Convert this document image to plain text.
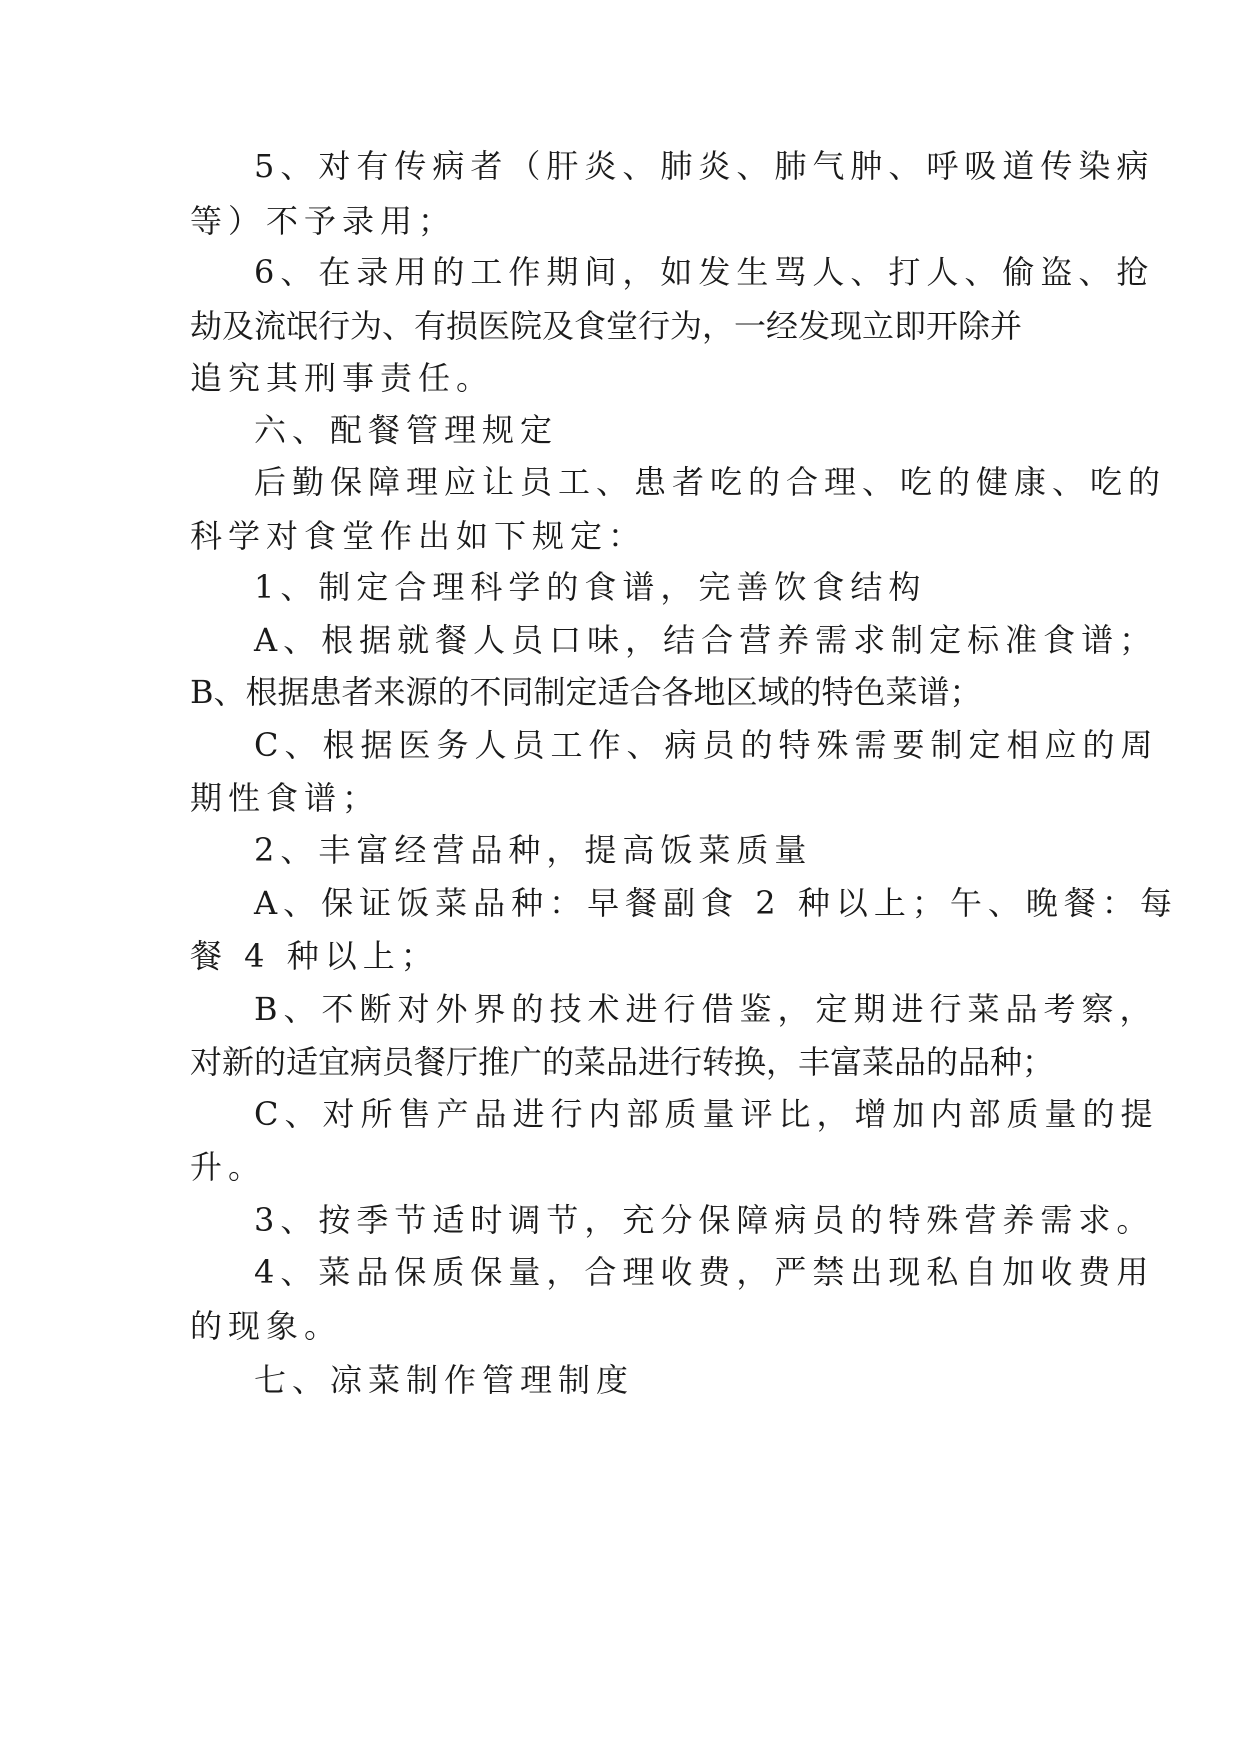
5、对有传病者（肝炎、肺炎、肺气肿、呼吸道传染病
等）不予录用；
6、在录用的工作期间，如发生骂人、打人、偷盗、抢
劫及流氓行为、有损医院及食堂行为，一经发现立即开除并
追究其刑事责任。
六、配餐管理规定
后勤保障理应让员工、患者吃的合理、吃的健康、吃的
科学对食堂作出如下规定：
1、制定合理科学的食谱，完善饮食结构
A、根据就餐人员口味，结合营养需求制定标准食谱；
B、根据患者来源的不同制定适合各地区域的特色菜谱；
C、根据医务人员工作、病员的特殊需要制定相应的周
期性食谱；
2、丰富经营品种，提高饭菜质量
A、保证饭菜品种：早餐副食 2 种以上；午、晚餐：每
餐 4 种以上；
B、不断对外界的技术进行借鉴，定期进行菜品考察，
对新的适宜病员餐厅推广的菜品进行转换，丰富菜品的品种；
C、对所售产品进行内部质量评比，增加内部质量的提
升。
3、按季节适时调节，充分保障病员的特殊营养需求。
4、菜品保质保量，合理收费，严禁出现私自加收费用
的现象。
七、凉菜制作管理制度
